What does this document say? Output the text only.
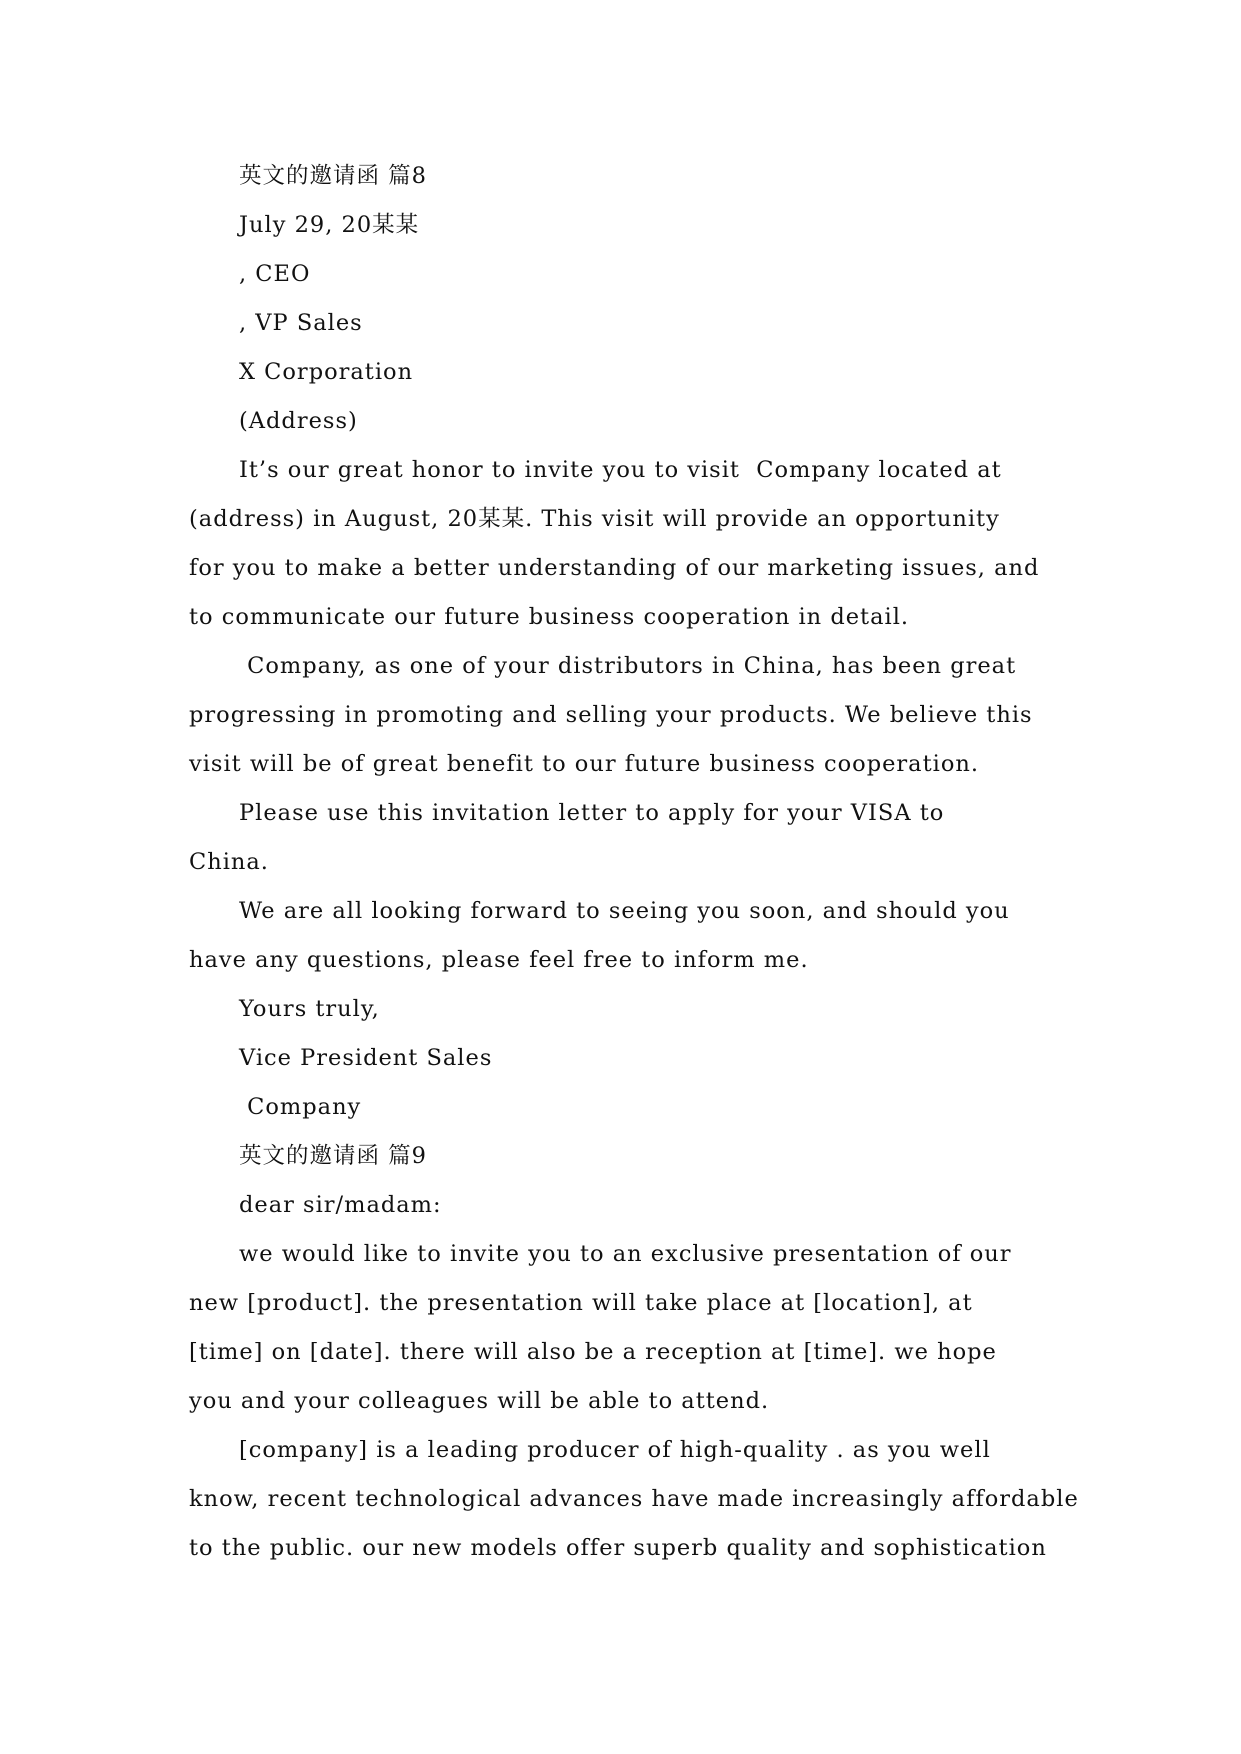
英文的邀请函 篇8
July 29, 20某某
, CEO
, VP Sales
X Corporation
(Address)
It’s our great honor to invite you to visit  Company located at
(address) in August, 20某某. This visit will provide an opportunity
for you to make a better understanding of our marketing issues, and
to communicate our future business cooperation in detail.
Company, as one of your distributors in China, has been great
progressing in promoting and selling your products. We believe this
visit will be of great benefit to our future business cooperation.
Please use this invitation letter to apply for your VISA to
China.
We are all looking forward to seeing you soon, and should you
have any questions, please feel free to inform me.
Yours truly,
Vice President Sales
Company
英文的邀请函 篇9
dear sir/madam:
we would like to invite you to an exclusive presentation of our
new [product]. the presentation will take place at [location], at
[time] on [date]. there will also be a reception at [time]. we hope
you and your colleagues will be able to attend.
[company] is a leading producer of high-quality . as you well
know, recent technological advances have made increasingly affordable
to the public. our new models offer superb quality and sophistication
